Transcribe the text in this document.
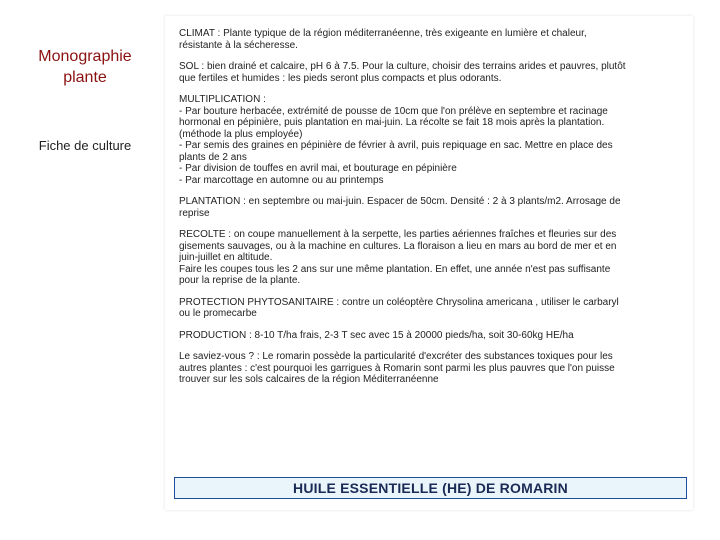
Monographie
plante
Fiche de culture
CLIMAT : Plante typique de la région méditerranéenne, très exigeante en lumière et chaleur,
résistante à la sécheresse.
SOL : bien drainé et calcaire, pH 6 à 7.5. Pour la culture, choisir des terrains arides et pauvres, plutôt
que fertiles et humides : les pieds seront plus compacts et plus odorants.
MULTIPLICATION :
- Par bouture herbacée, extrémité de pousse de 10cm que l'on prélève en septembre et racinage
hormonal en pépinière, puis plantation en mai-juin. La récolte se fait 18 mois après la plantation.
(méthode la plus employée)
- Par semis des graines en pépinière de février à avril, puis repiquage en sac. Mettre en place des
plants de 2 ans
- Par division de touffes en avril mai, et bouturage en pépinière
- Par marcottage en automne ou au printemps
PLANTATION : en septembre ou mai-juin. Espacer de 50cm. Densité : 2 à 3 plants/m2. Arrosage de
reprise
RECOLTE : on coupe manuellement à la serpette, les parties aériennes fraîches et fleuries sur des
gisements sauvages, ou à la machine en cultures. La floraison a lieu en mars au bord de mer et en
juin-juillet en altitude.
Faire les coupes tous les 2 ans sur une même plantation. En effet, une année n'est pas suffisante
pour la reprise de la plante.
PROTECTION PHYTOSANITAIRE : contre un coléoptère Chrysolina americana , utiliser le carbaryl
ou le promecarbe
PRODUCTION : 8-10 T/ha frais, 2-3 T sec avec 15 à 20000 pieds/ha, soit 30-60kg HE/ha
Le saviez-vous ? : Le romarin possède la particularité d'excréter des substances toxiques pour les
autres plantes : c'est pourquoi les garrigues à Romarin sont parmi les plus pauvres que l'on puisse
trouver sur les sols calcaires de la région Méditerranéenne
HUILE ESSENTIELLE (HE) DE ROMARIN
